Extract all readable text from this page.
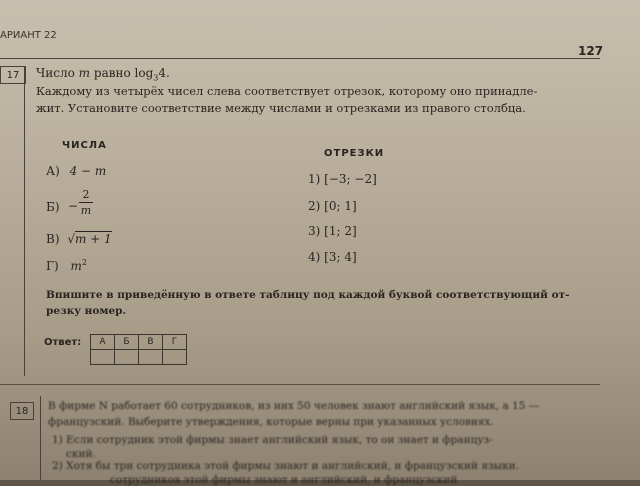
АРИАНТ 22
127
17	Число m равно $\log_34$.
Каждому из четырёх чисел слева соответствует отрезок, которому оно принадле-
жит. Установите соответствие между числами и отрезками из правого столбца.
ЧИСЛА
ОТРЕЗКИ
А) 4 − m
Б) −
2
m
В) √m + 1
Г) $m^2$
1) [−3; −2]
2) [0; 1]
3) [1; 2]
4) [3; 4]
Впишите в приведённую в ответе таблицу под каждой буквой соответствующий от-
резку номер.
Ответ: А	Б	В	Г

18	В фирме N работает 60 сотрудников, из них 50 человек знают английский язык, а 15 —
французский. Выберите утверждения, которые верны при указанных условиях.
1) Если сотрудник этой фирмы знает английский язык, то он знает и француз-
ский.
2) Хотя бы три сотрудника этой фирмы знают и английский, и французский языки.
сотрудников этой фирмы знают и английский, и французский
